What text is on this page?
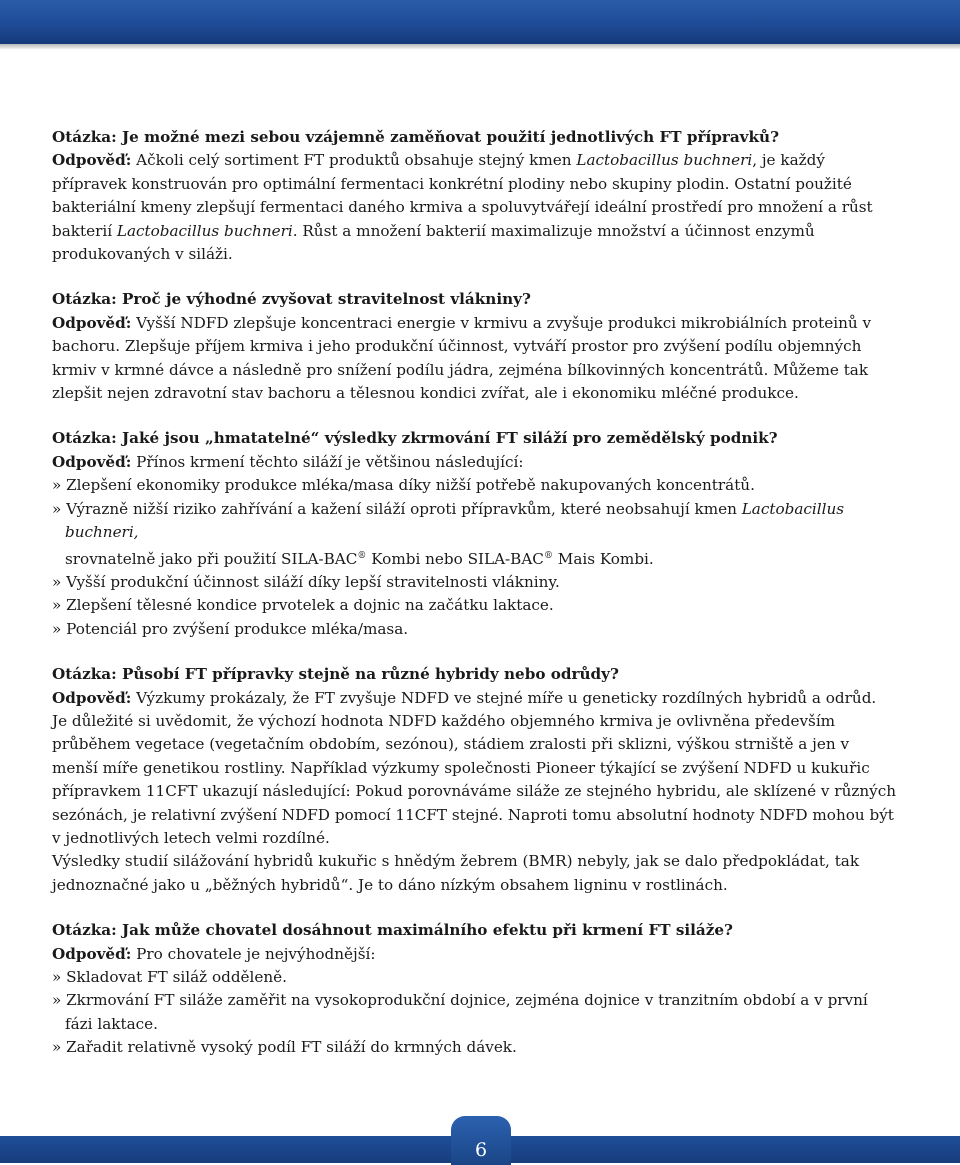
Otázka: Je možné mezi sebou vzájemně zaměňovat použití jednotlivých FT přípravků?

Odpověď: Ačkoli celý sortiment FT produktů obsahuje stejný kmen Lactobacillus buchneri, je každý přípravek konstruován pro optimální fermentaci konkrétní plodiny nebo skupiny plodin. Ostatní použité bakteriální kmeny zlepšují fermentaci daného krmiva a spoluvytvářejí ideální prostředí pro množení a růst bakterií Lactobacillus buchneri. Růst a množení bakterií maximalizuje množství a účinnost enzymů produkovaných v siláži.

Otázka: Proč je výhodné zvyšovat stravitelnost vlákniny?

Odpověď: Vyšší NDFD zlepšuje koncentraci energie v krmivu a zvyšuje produkci mikrobiálních proteinů v bachoru. Zlepšuje příjem krmiva i jeho produkční účinnost, vytváří prostor pro zvýšení podílu objemných krmiv v krmné dávce a následně pro snížení podílu jádra, zejména bílkovinných koncentrátů. Můžeme tak zlepšit nejen zdravotní stav bachoru a tělesnou kondici zvířat, ale i ekonomiku mléčné produkce.

Otázka: Jaké jsou „hmatatelné“ výsledky zkrmování FT siláží pro zemědělský podnik?

Odpověď: Přínos krmení těchto siláží je většinou následující:

» Zlepšení ekonomiky produkce mléka/masa díky nižší potřebě nakupovaných koncentrátů.

» Výrazně nižší riziko zahřívání a kažení siláží oproti přípravkům, které neobsahují kmen Lactobacillus buchneri,
srovnatelně jako při použití SILA-BAC® Kombi nebo SILA-BAC® Mais Kombi.

» Vyšší produkční účinnost siláží díky lepší stravitelnosti vlákniny.

» Zlepšení tělesné kondice prvotelek a dojnic na začátku laktace.

» Potenciál pro zvýšení produkce mléka/masa.

Otázka: Působí FT přípravky stejně na různé hybridy nebo odrůdy?

Odpověď: Výzkumy prokázaly, že FT zvyšuje NDFD ve stejné míře u geneticky rozdílných hybridů a odrůd. Je důležité si uvědomit, že výchozí hodnota NDFD každého objemného krmiva je ovlivněna především průběhem vegetace (vegetačním obdobím, sezónou), stádiem zralosti při sklizni, výškou strniště a jen v menší míře genetikou rostliny. Například výzkumy společnosti Pioneer týkající se zvýšení NDFD u kukuřic přípravkem 11CFT ukazují následující: Pokud porovnáváme siláže ze stejného hybridu, ale sklízené v různých sezónách, je relativní zvýšení NDFD pomocí 11CFT stejné. Naproti tomu absolutní hodnoty NDFD mohou být v jednotlivých letech velmi rozdílné.

Výsledky studií silážování hybridů kukuřic s hnědým žebrem (BMR) nebyly, jak se dalo předpokládat, tak jednoznačné jako u „běžných hybridů“. Je to dáno nízkým obsahem ligninu v rostlinách.

Otázka: Jak může chovatel dosáhnout maximálního efektu při krmení FT siláže?

Odpověď: Pro chovatele je nejvýhodnější:

» Skladovat FT siláž odděleně.

» Zkrmování FT siláže zaměřit na vysokoprodukční dojnice, zejména dojnice v tranzitním období a v první fázi laktace.

» Zařadit relativně vysoký podíl FT siláží do krmných dávek.

6
